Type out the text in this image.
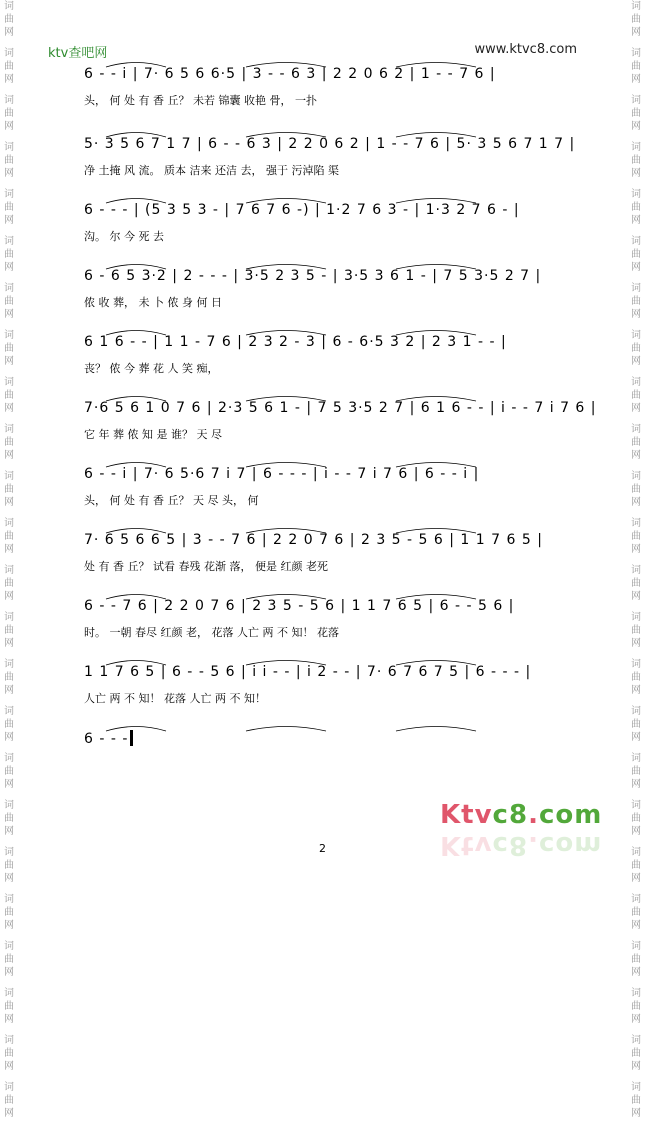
词
曲
网
词
曲
网
词
曲
网
词
曲
网
词
曲
网
词
曲
网
词
曲
网
词
曲
网
词
曲
网
词
曲
网
词
曲
网
词
曲
网
词
曲
网
词
曲
网
词
曲
网
词
曲
网
词
曲
网
词
曲
网
词
曲
网
词
曲
网
词
曲
网
词
曲
网
词
曲
网
词
曲
网
词
曲
网
词
曲
网
词
曲
网
词
曲
网
词
曲
网
词
曲
网
词
曲
网
词
曲
网
词
曲
网
词
曲
网
词
曲
网
词
曲
网
词
曲
网
词
曲
网
词
曲
网
词
曲
网
词
曲
网
词
曲
网
词
曲
网
词
曲
网
词
曲
网
词
曲
网
词
曲
网
词
曲
网
ktv查吧网	www.ktvc8.com
6 - - i | 7· 6 5 6 6·5 | 3 - - 6 3 | 2 2 0 6 2 | 1 - - 7 6 |
头， 何 处 有 香 丘？ 未若 锦囊 收艳 骨， 一扑
5· 3 5 6 7 1 7 | 6 - - 6 3 | 2 2 0 6 2 | 1 - - 7 6 | 5· 3 5 6 7 1 7 |
净 土掩 风 流。 质本 洁来 还洁 去， 强于 污淖陷 渠
6 - - - | (5 3 5 3 - | 7 6 7 6 -) | 1·2 7 6 3 - | 1·3 2 7 6 - |
沟。 尔 今 死 去
6 - 6 5 3·2 | 2 - - - | 3·5 2 3 5 - | 3·5 3 6 1 - | 7 5 3·5 2 7 |
侬 收 葬， 未 卜 侬 身 何 日
6 1 6 - - | 1 1 - 7 6 | 2 3 2 - 3 | 6 - 6·5 3 2 | 2 3 1 - - |
丧？ 侬 今 葬 花 人 笑 痴，
7·6 5 6 1 0 7 6 | 2·3 5 6 1 - | 7 5 3·5 2 7 | 6 1 6 - - | i - - 7 i 7 6 |
它 年 葬 侬 知 是 谁？ 天 尽
6 - - i | 7· 6 5·6 7 i 7 | 6 - - - | i - - 7 i 7 6 | 6 - - i |
头， 何 处 有 香 丘？ 天 尽 头， 何
7· 6 5 6 6 5 | 3 - - 7 6 | 2 2 0 7 6 | 2 3 5 - 5 6 | 1 1 7 6 5 |
处 有 香 丘？ 试看 春残 花渐 落， 便是 红颜 老死
6 - - 7 6 | 2 2 0 7 6 | 2 3 5 - 5 6 | 1 1 7 6 5 | 6 - - 5 6 |
时。 一朝 春尽 红颜 老， 花落 人亡 两 不 知！ 花落
1 1 7 6 5 | 6 - - 5 6 | i i - - | i 2 - - | 7· 6 7 6 7 5 | 6 - - - |
人亡 两 不 知！ 花落 人亡 两 不 知！
6 - - -
Ktvc8.com
Ktvc8.com
2
